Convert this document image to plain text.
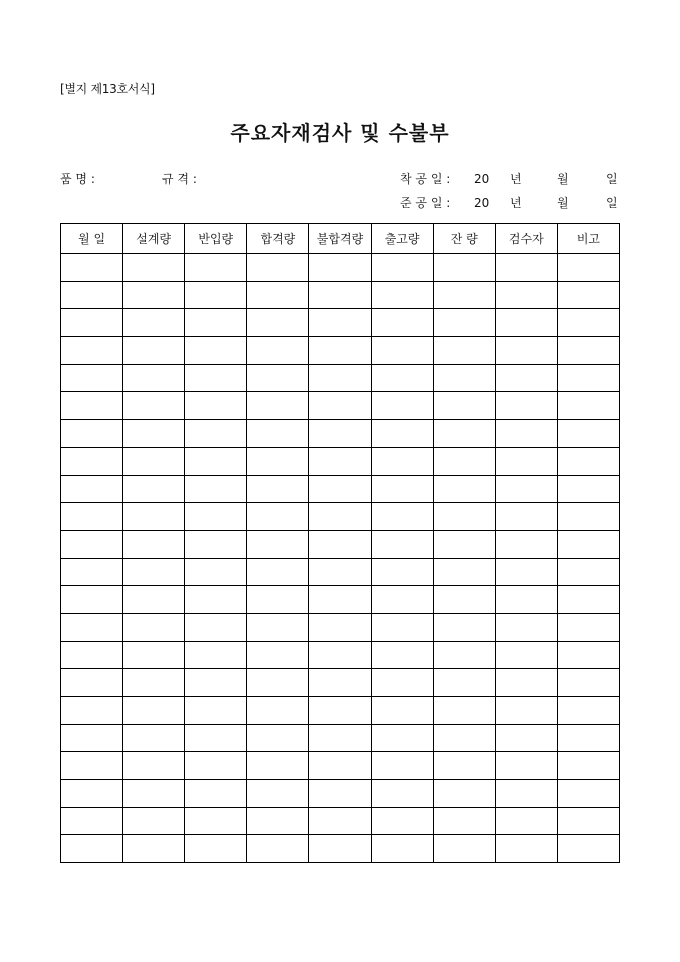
[별지 제13호서식]
주요자재검사 및 수불부
품 명 :	규 격 :	착 공 일 : 20 년	월	일
준 공 일 : 20 년	월	일
월 일	설계량	반입량	합격량	불합격량	출고량	잔 량	검수자	비고
